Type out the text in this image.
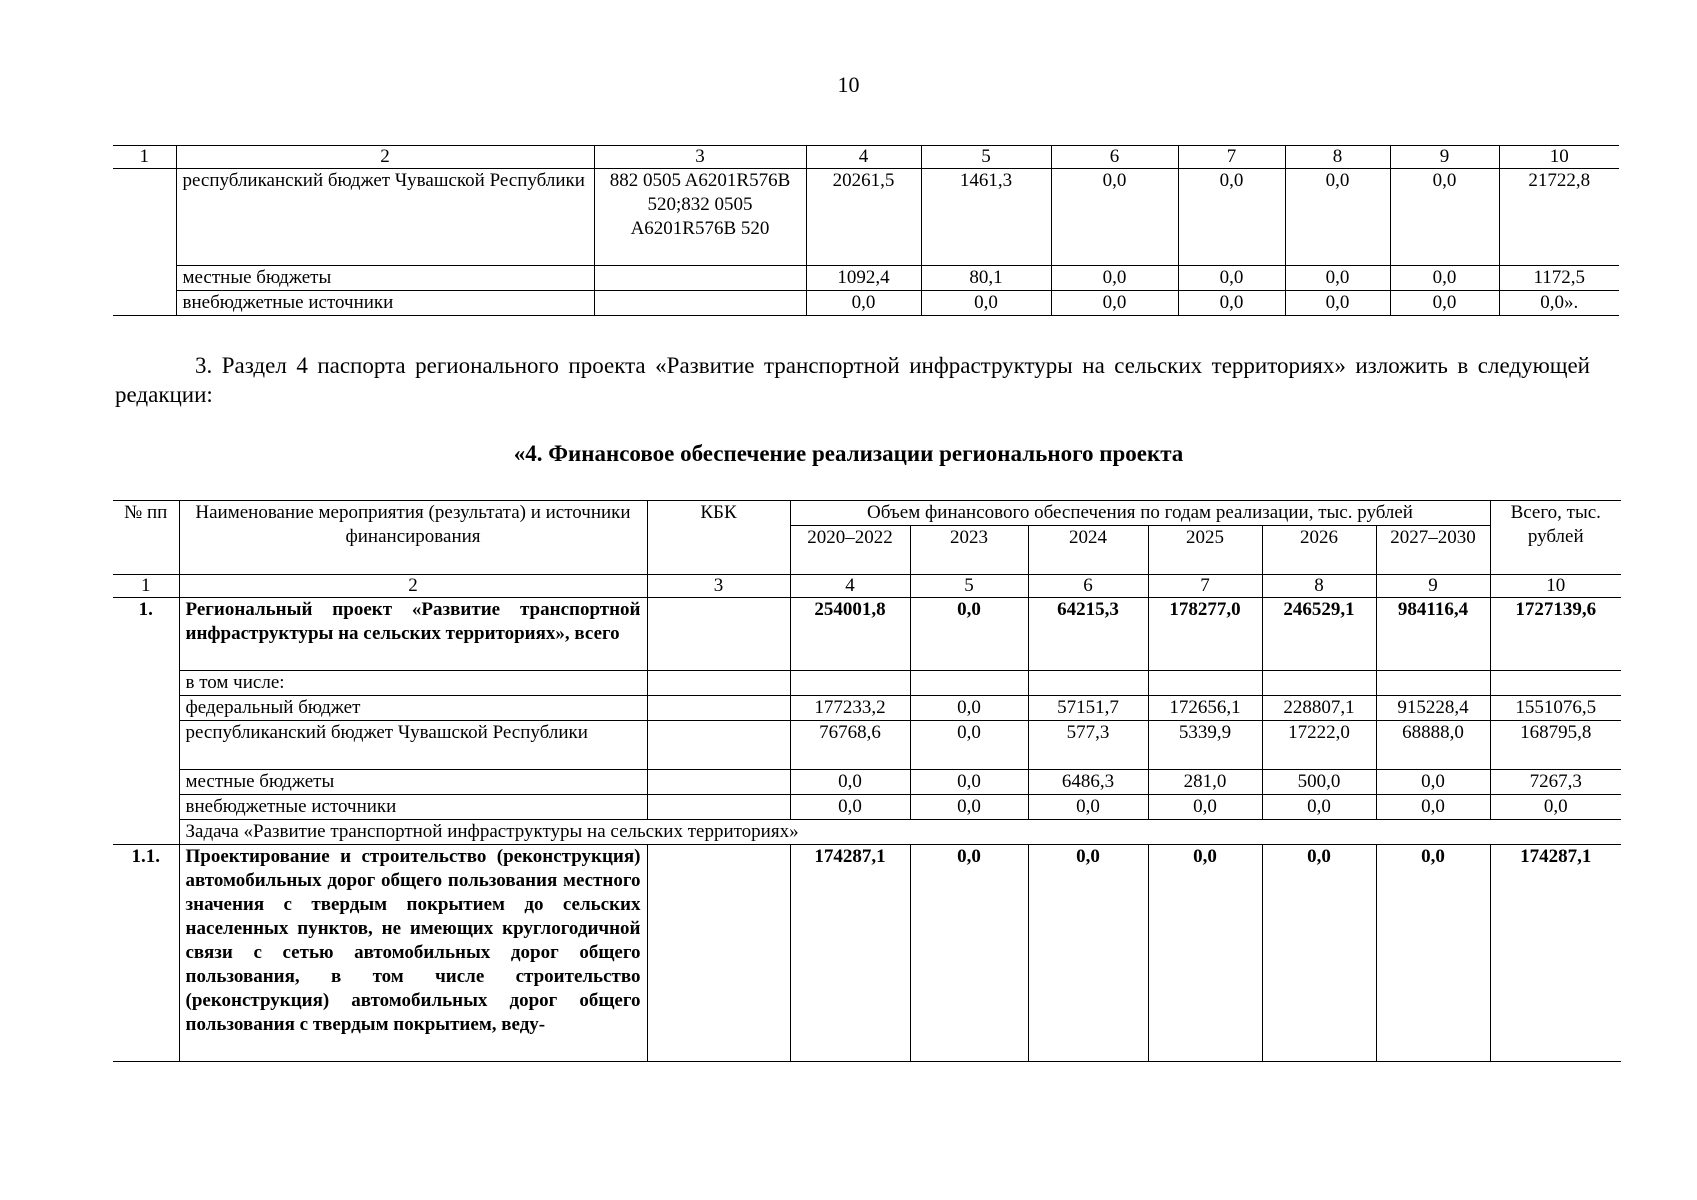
10
1	2	3	4	5	6	7	8	9	10
	республиканский бюджет Чувашской Республики	882 0505 A6201R576B 520;832 0505 A6201R576B 520	20261,5	1461,3	0,0	0,0	0,0	0,0	21722,8
	местные бюджеты		1092,4	80,1	0,0	0,0	0,0	0,0	1172,5
	внебюджетные источники		0,0	0,0	0,0	0,0	0,0	0,0	0,0».
3. Раздел 4 паспорта регионального проекта «Развитие транспортной инфраструктуры на сельских территориях» изложить в следующей редакции:
«4. Финансовое обеспечение реализации регионального проекта
№ пп	Наименование мероприятия (результата) и источники финансирования	КБК	Объем финансового обеспечения по годам реализации, тыс. рублей						Всего, тыс. рублей
			2020–2022	2023	2024	2025	2026	2027–2030	
1	2	3	4	5	6	7	8	9	10
1.	Региональный проект «Развитие транспортной инфраструктуры на сельских территориях», всего		254001,8	0,0	64215,3	178277,0	246529,1	984116,4	1727139,6
	в том числе:								
	федеральный бюджет		177233,2	0,0	57151,7	172656,1	228807,1	915228,4	1551076,5
	республиканский бюджет Чувашской Республики		76768,6	0,0	577,3	5339,9	17222,0	68888,0	168795,8
	местные бюджеты		0,0	0,0	6486,3	281,0	500,0	0,0	7267,3
	внебюджетные источники		0,0	0,0	0,0	0,0	0,0	0,0	0,0
	Задача «Развитие транспортной инфраструктуры на сельских территориях»								
1.1.	Проектирование и строительство (реконструкция) автомобильных дорог общего пользования местного значения с твердым покрытием до сельских населенных пунктов, не имеющих круглогодичной связи с сетью автомобильных дорог общего пользования, в том числе строительство (реконструкция) автомобильных дорог общего пользования с твердым покрытием, веду-		174287,1	0,0	0,0	0,0	0,0	0,0	174287,1
